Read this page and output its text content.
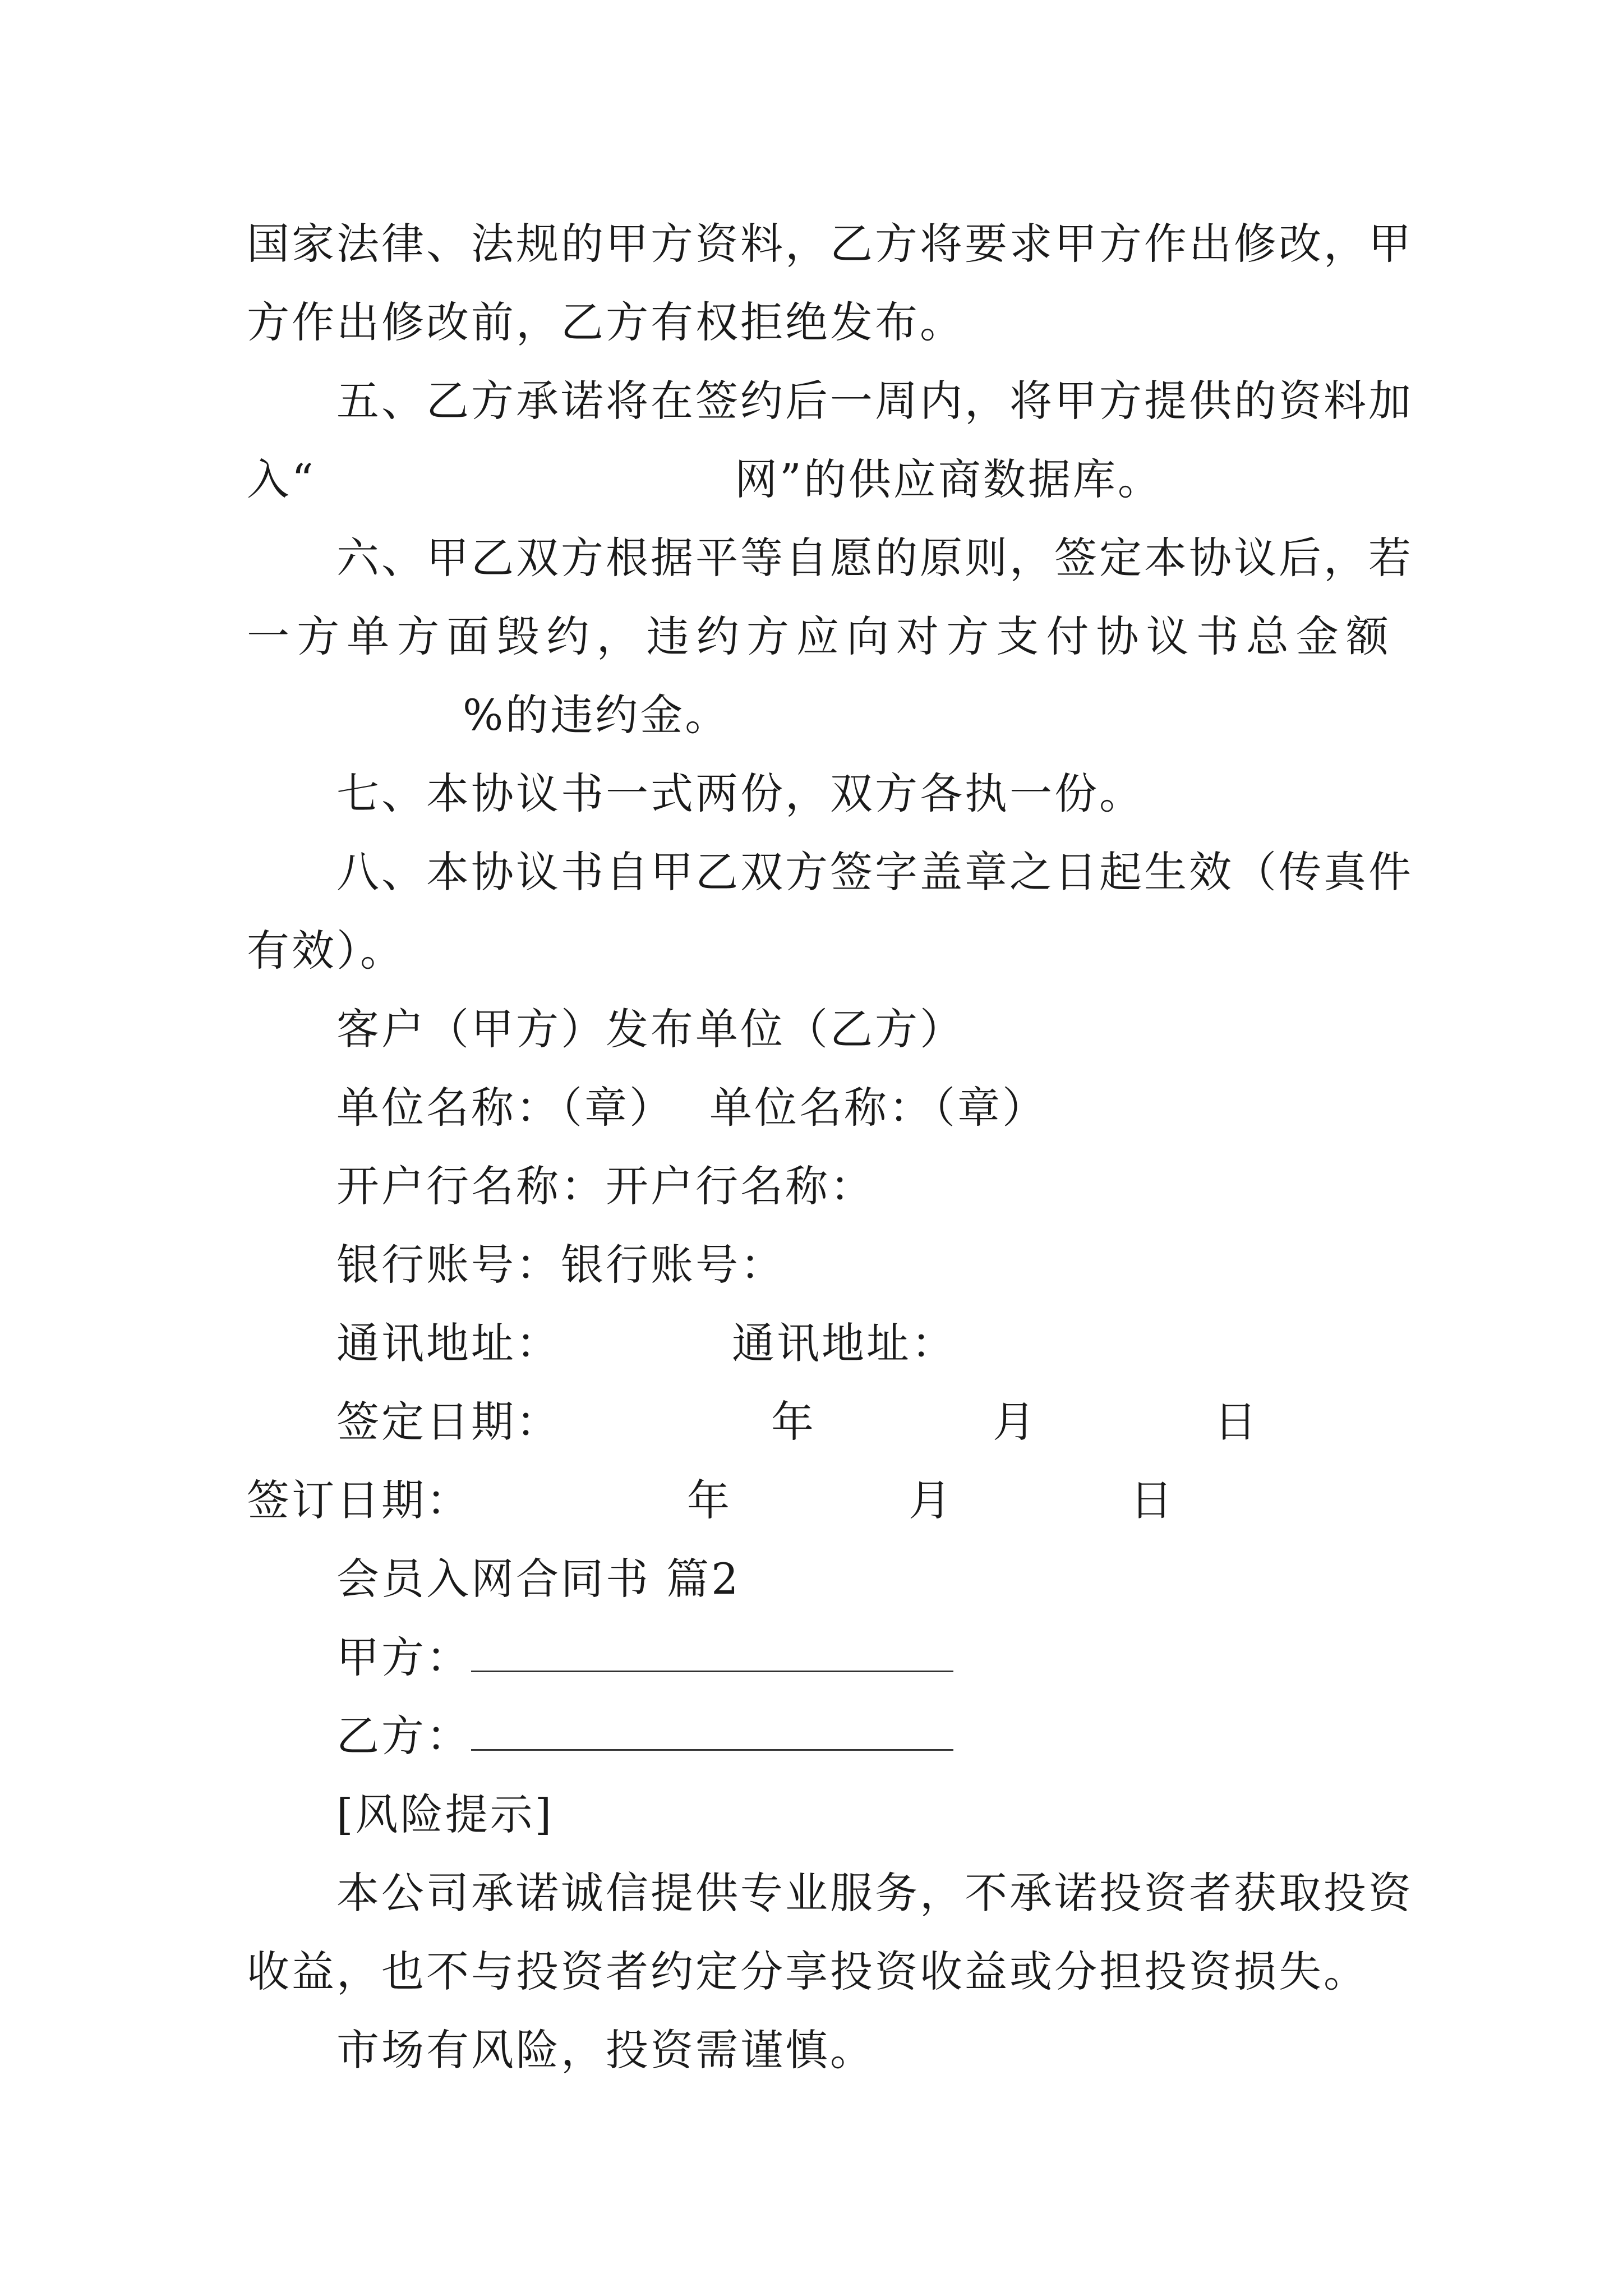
国家法律、法规的甲方资料，乙方将要求甲方作出修改，甲
方作出修改前，乙方有权拒绝发布。
五、乙方承诺将在签约后一周内，将甲方提供的资料加
入“	网”的供应商数据库。
六、甲乙双方根据平等自愿的原则，签定本协议后，若
一方单方面毁约，违约方应向对方支付协议书总金额
%的违约金。
七、本协议书一式两份，双方各执一份。
八、本协议书自甲乙双方签字盖章之日起生效（传真件
有效）。
客户（甲方）发布单位（乙方）
单位名称：（章） 单位名称：（章）
开户行名称：开户行名称：
银行账号：银行账号：
通讯地址：	通讯地址：
签定日期：	年	月	日
签订日期：	年	月	日
会员入网合同书 篇2
甲方：
乙方：
[风险提示]
本公司承诺诚信提供专业服务，不承诺投资者获取投资
收益，也不与投资者约定分享投资收益或分担投资损失。
市场有风险，投资需谨慎。
